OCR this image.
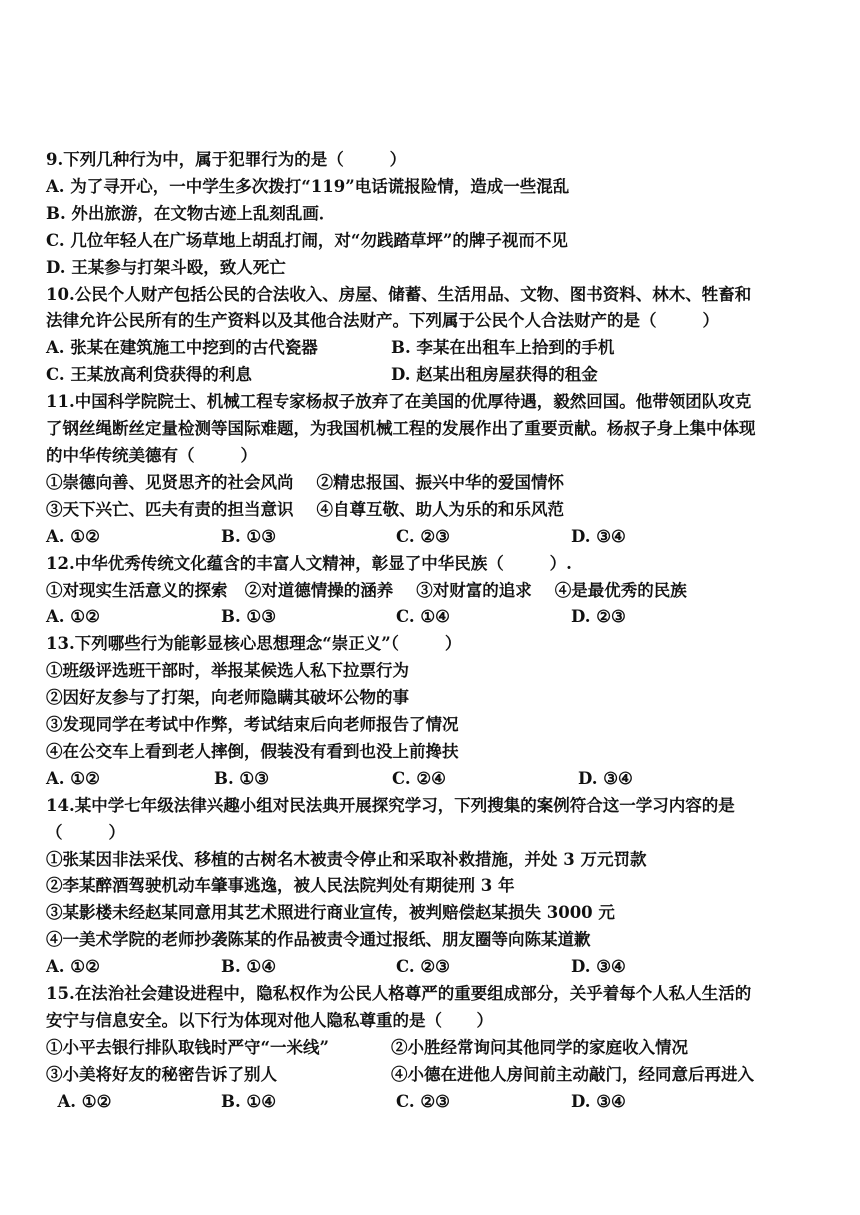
9.下列几种行为中，属于犯罪行为的是（        ）
A. 为了寻开心，一中学生多次拨打“119”电话谎报险情，造成一些混乱
B. 外出旅游，在文物古迹上乱刻乱画．
C. 几位年轻人在广场草地上胡乱打闹，对“勿践踏草坪”的牌子视而不见
D. 王某参与打架斗殴，致人死亡
10.公民个人财产包括公民的合法收入、房屋、储蓄、生活用品、文物、图书资料、林木、牲畜和
法律允许公民所有的生产资料以及其他合法财产。下列属于公民个人合法财产的是（        ）
A. 张某在建筑施工中挖到的古代瓷器	B. 李某在出租车上拾到的手机
C. 王某放高利贷获得的利息	D. 赵某出租房屋获得的租金
11.中国科学院院士、机械工程专家杨叔子放弃了在美国的优厚待遇，毅然回国。他带领团队攻克
了钢丝绳断丝定量检测等国际难题，为我国机械工程的发展作出了重要贡献。杨叔子身上集中体现
的中华传统美德有（        ）
①崇德向善、见贤思齐的社会风尚    ②精忠报国、振兴中华的爱国情怀
③天下兴亡、匹夫有责的担当意识    ④自尊互敬、助人为乐的和乐风范
A. ①②	B. ①③	C. ②③	D. ③④
12.中华优秀传统文化蕴含的丰富人文精神，彰显了中华民族（        ）.
①对现实生活意义的探索   ②对道德情操的涵养    ③对财富的追求    ④是最优秀的民族
A. ①②	B. ①③	C. ①④	D. ②③
13.下列哪些行为能彰显核心思想理念“崇正义”（        ）
①班级评选班干部时，举报某候选人私下拉票行为
②因好友参与了打架，向老师隐瞒其破坏公物的事
③发现同学在考试中作弊，考试结束后向老师报告了情况
④在公交车上看到老人摔倒，假装没有看到也没上前搀扶
A. ①②	B. ①③	C. ②④	D. ③④
14.某中学七年级法律兴趣小组对民法典开展探究学习，下列搜集的案例符合这一学习内容的是
（        ）
①张某因非法采伐、移植的古树名木被责令停止和采取补救措施，并处 3 万元罚款
②李某醉酒驾驶机动车肇事逃逸，被人民法院判处有期徒刑 3 年
③某影楼未经赵某同意用其艺术照进行商业宣传，被判赔偿赵某损失 3000 元
④一美术学院的老师抄袭陈某的作品被责令通过报纸、朋友圈等向陈某道歉
A. ①②	B. ①④	C. ②③	D. ③④
15.在法治社会建设进程中，隐私权作为公民人格尊严的重要组成部分，关乎着每个人私人生活的
安宁与信息安全。以下行为体现对他人隐私尊重的是（      ）
①小平去银行排队取钱时严守“一米线”	②小胜经常询问其他同学的家庭收入情况
③小美将好友的秘密告诉了别人	④小德在进他人房间前主动敲门，经同意后再进入
A. ①②	B. ①④	C. ②③	D. ③④
